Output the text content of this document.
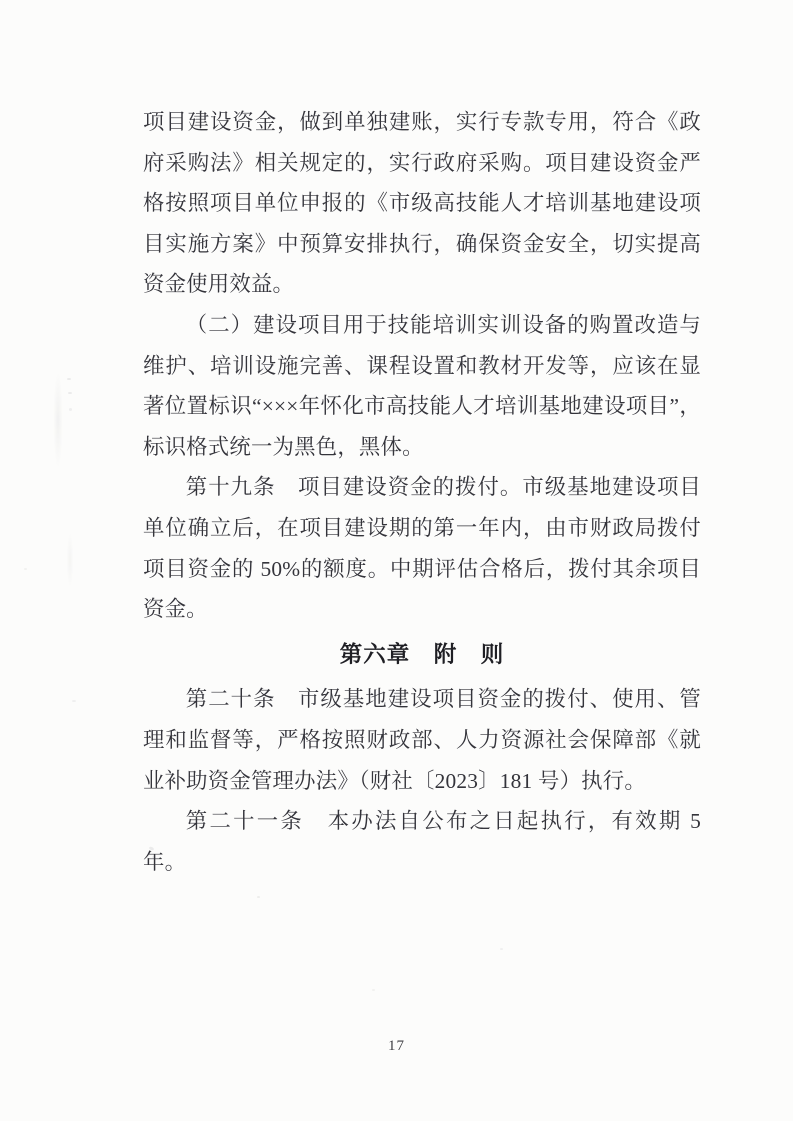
项目建设资金，做到单独建账，实行专款专用，符合《政府采购法》相关规定的，实行政府采购。项目建设资金严格按照项目单位申报的《市级高技能人才培训基地建设项目实施方案》中预算安排执行，确保资金安全，切实提高资金使用效益。

（二）建设项目用于技能培训实训设备的购置改造与维护、培训设施完善、课程设置和教材开发等，应该在显著位置标识“×××年怀化市高技能人才培训基地建设项目”，标识格式统一为黑色，黑体。

第十九条　项目建设资金的拨付。市级基地建设项目单位确立后，在项目建设期的第一年内，由市财政局拨付项目资金的 50%的额度。中期评估合格后，拨付其余项目资金。

第六章　附　则

第二十条　市级基地建设项目资金的拨付、使用、管理和监督等，严格按照财政部、人力资源社会保障部《就业补助资金管理办法》（财社〔2023〕181 号）执行。

第二十一条　本办法自公布之日起执行，有效期 5 年。

17
